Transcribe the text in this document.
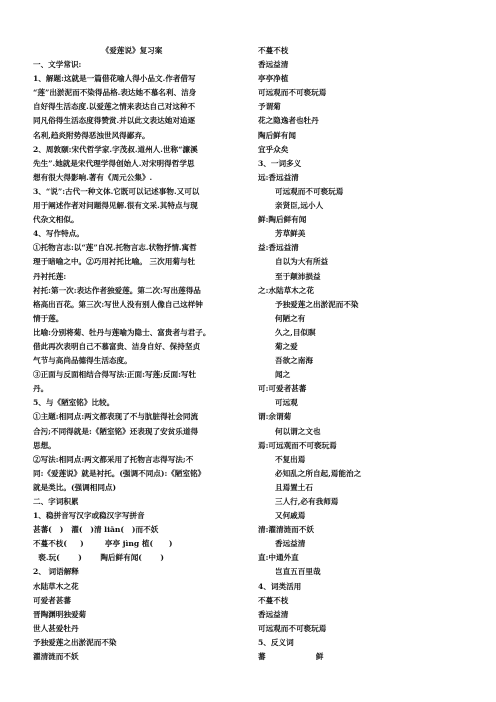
《爱莲说》复习案

一、文学常识:

1、解题:这就是一篇借花喻人得小品文.作者借写

“莲”出淤泥而不染得品格.表达她不慕名利、洁身

自好得生活态度.以爱莲之情来表达自己对这种不

同凡俗得生活态度得赞赏.并以此文表达她对追逐

名利,趋炎附势得恶浊世风得鄙弃。

2、周敦颐:宋代哲学家.字茂叔.道州人.世称“濂溪

先生”.她就是宋代理学得创始人.对宋明得哲学思

想有很大得影响.著有《周元公集》.

3、“说”:古代一种文体.它既可以记述事物.又可以

用于阐述作者对问题得见解.很有文采.其特点与现

代杂文相似。

4、写作特点。

①托物言志:以“莲”自况.托物言志.状物抒情.寓哲

理于暗喻之中。②巧用衬托比喻。 三次用菊与牡

丹衬托莲:

衬托:第一次:表达作者独爱莲。第二次:写出莲得品

格高出百花。第三次:写世人没有别人像自己这样钟

情于莲。

比喻:分别将菊、牡丹与莲喻为隐士、富贵者与君子。

借此再次表明自己不慕富贵、洁身自好、保持坚贞

气节与高尚品德得生活态度。

③正面与反面相结合得写法:正面:写莲;反面:写牡

丹。

5、与《陋室铭》比较。

①主题:相同点:两文都表现了不与肮脏得社会同流

合污;不同得就是:《陋室铭》还表现了安贫乐道得

思想。

②写法:相同点:两文都采用了托物言志得写法;不

同:《爱莲说》就是衬托。(强调不同点):《陋室铭》

就是类比。(强调相同点)

二、字词积累

1、稳拼音写汉字或稳汉字写拼音

甚蕃(   )   濯(   )清 liān(   )而不妖

不蔓不枝(     )        亭亭 jìng 植(      )

亵.玩(       )       陶后鲜有闻(       )

2、 词语解释

水陆草木之花

可爱者甚蕃

晋陶渊明独爱菊

世人甚爱牡丹

予独爱莲之出淤泥而不染

濯清涟而不妖

不蔓不枝

香远益清

亭亭净植

可远观而不可亵玩焉

予谓菊

花之隐逸者也牡丹

陶后鲜有闻

宜乎众矣

3、一词多义

远:香远益清

可远观而不可亵玩焉

亲贤臣,远小人

鲜:陶后鲜有闻

芳草鲜美

益:香远益清

自以为大有所益

至于颠沛损益

之:水陆草木之花

予独爱莲之出淤泥而不染

何陋之有

久之,目似瞑

菊之爱

吾欲之南海

闻之

可:可爱者甚蕃

可远观

谓:余谓菊

何以谓之文也

焉:可远观而不可亵玩焉

不复出焉

必知乱之所自起,焉能治之

且焉置土石

三人行,必有我师焉

又何戚焉

清:濯清涟而不妖

香远益清

直:中通外直

岂直五百里哉

4、词类活用

不蔓不枝

香远益清

可远观而不可亵玩焉

5、反义词

蕃                   鲜
